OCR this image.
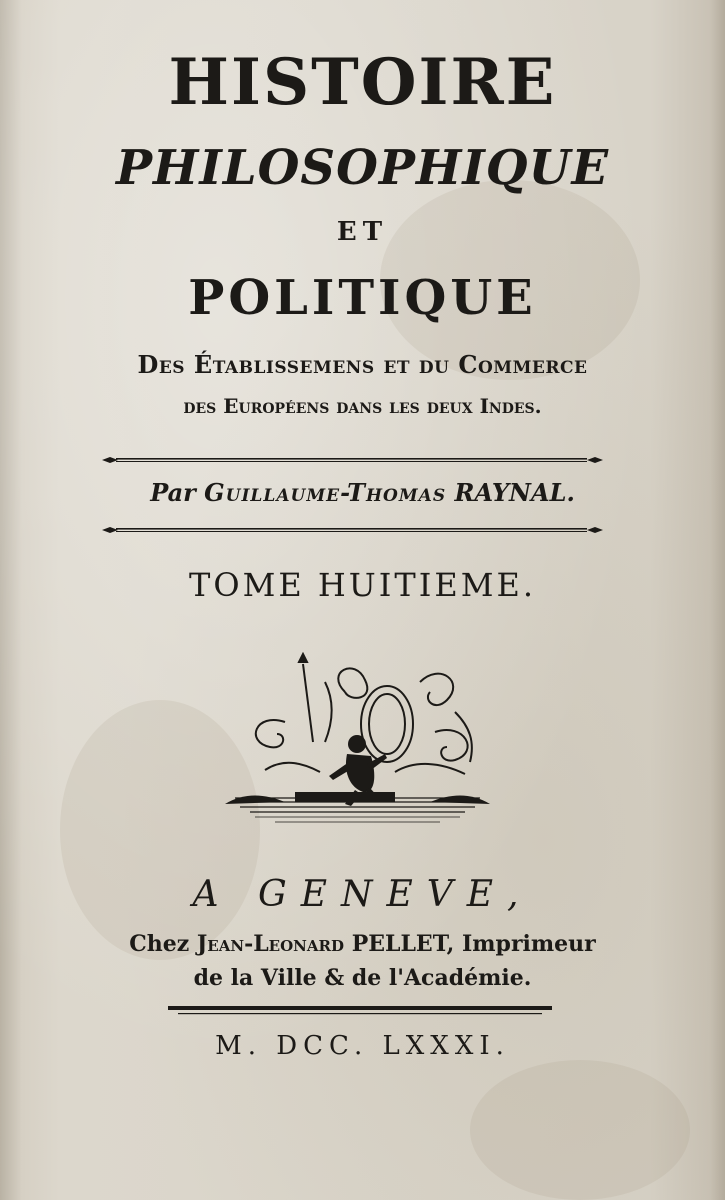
HISTOIRE
PHILOSOPHIQUE
ET
POLITIQUE
Des Établissemens et du Commerce
des Européens dans les deux Indes.
Par Guillaume-Thomas RAYNAL.
TOME HUITIEME.
A GENEVE,
Chez Jean-Leonard PELLET, Imprimeur
de la Ville & de l'Académie.
M. DCC. LXXXI.
